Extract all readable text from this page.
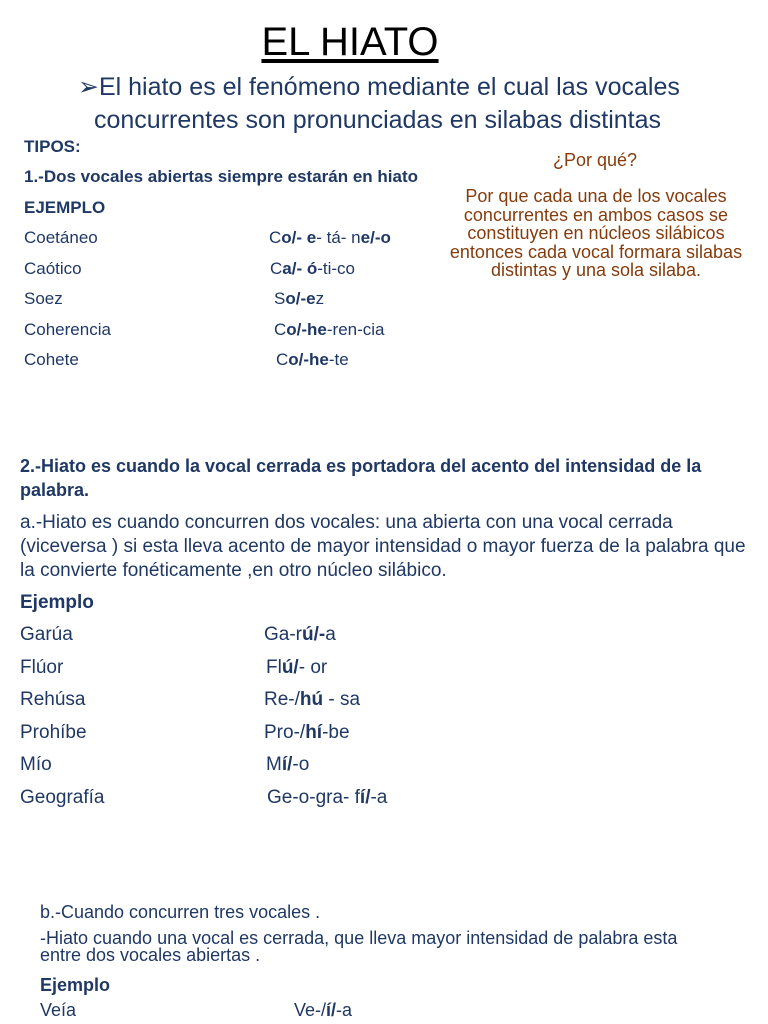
EL HIATO
➢El hiato es el fenómeno mediante el cual las vocales
concurrentes son pronunciadas en silabas distintas
TIPOS:
1.-Dos vocales abiertas siempre estarán en hiato
EJEMPLO
Coetáneo	Co/- e- tá- ne/-o
Caótico	Ca/- ó-ti-co
Soez	So/-ez
Coherencia	Co/-he-ren-cia
Cohete	Co/-he-te
¿Por qué?
Por que cada una de los vocales concurrentes en ambos casos se constituyen en núcleos silábicos entonces cada vocal formara silabas distintas y una sola silaba.
2.-Hiato es cuando la vocal cerrada es portadora del acento del intensidad de la palabra.
a.-Hiato es cuando concurren dos vocales: una abierta con una vocal cerrada (viceversa ) si esta lleva acento de mayor intensidad o mayor fuerza de la palabra que la convierte fonéticamente ,en otro núcleo silábico.
Ejemplo
Garúa	Ga-rú/-a
Flúor	Flú/- or
Rehúsa	Re-/hú - sa
Prohíbe	Pro-/hí-be
Mío	Mí/-o
Geografía	Ge-o-gra- fí/-a
b.-Cuando concurren tres vocales .
-Hiato cuando una vocal es cerrada, que lleva mayor intensidad de palabra esta entre dos vocales abiertas .
Ejemplo
Veía	Ve-/í/-a
